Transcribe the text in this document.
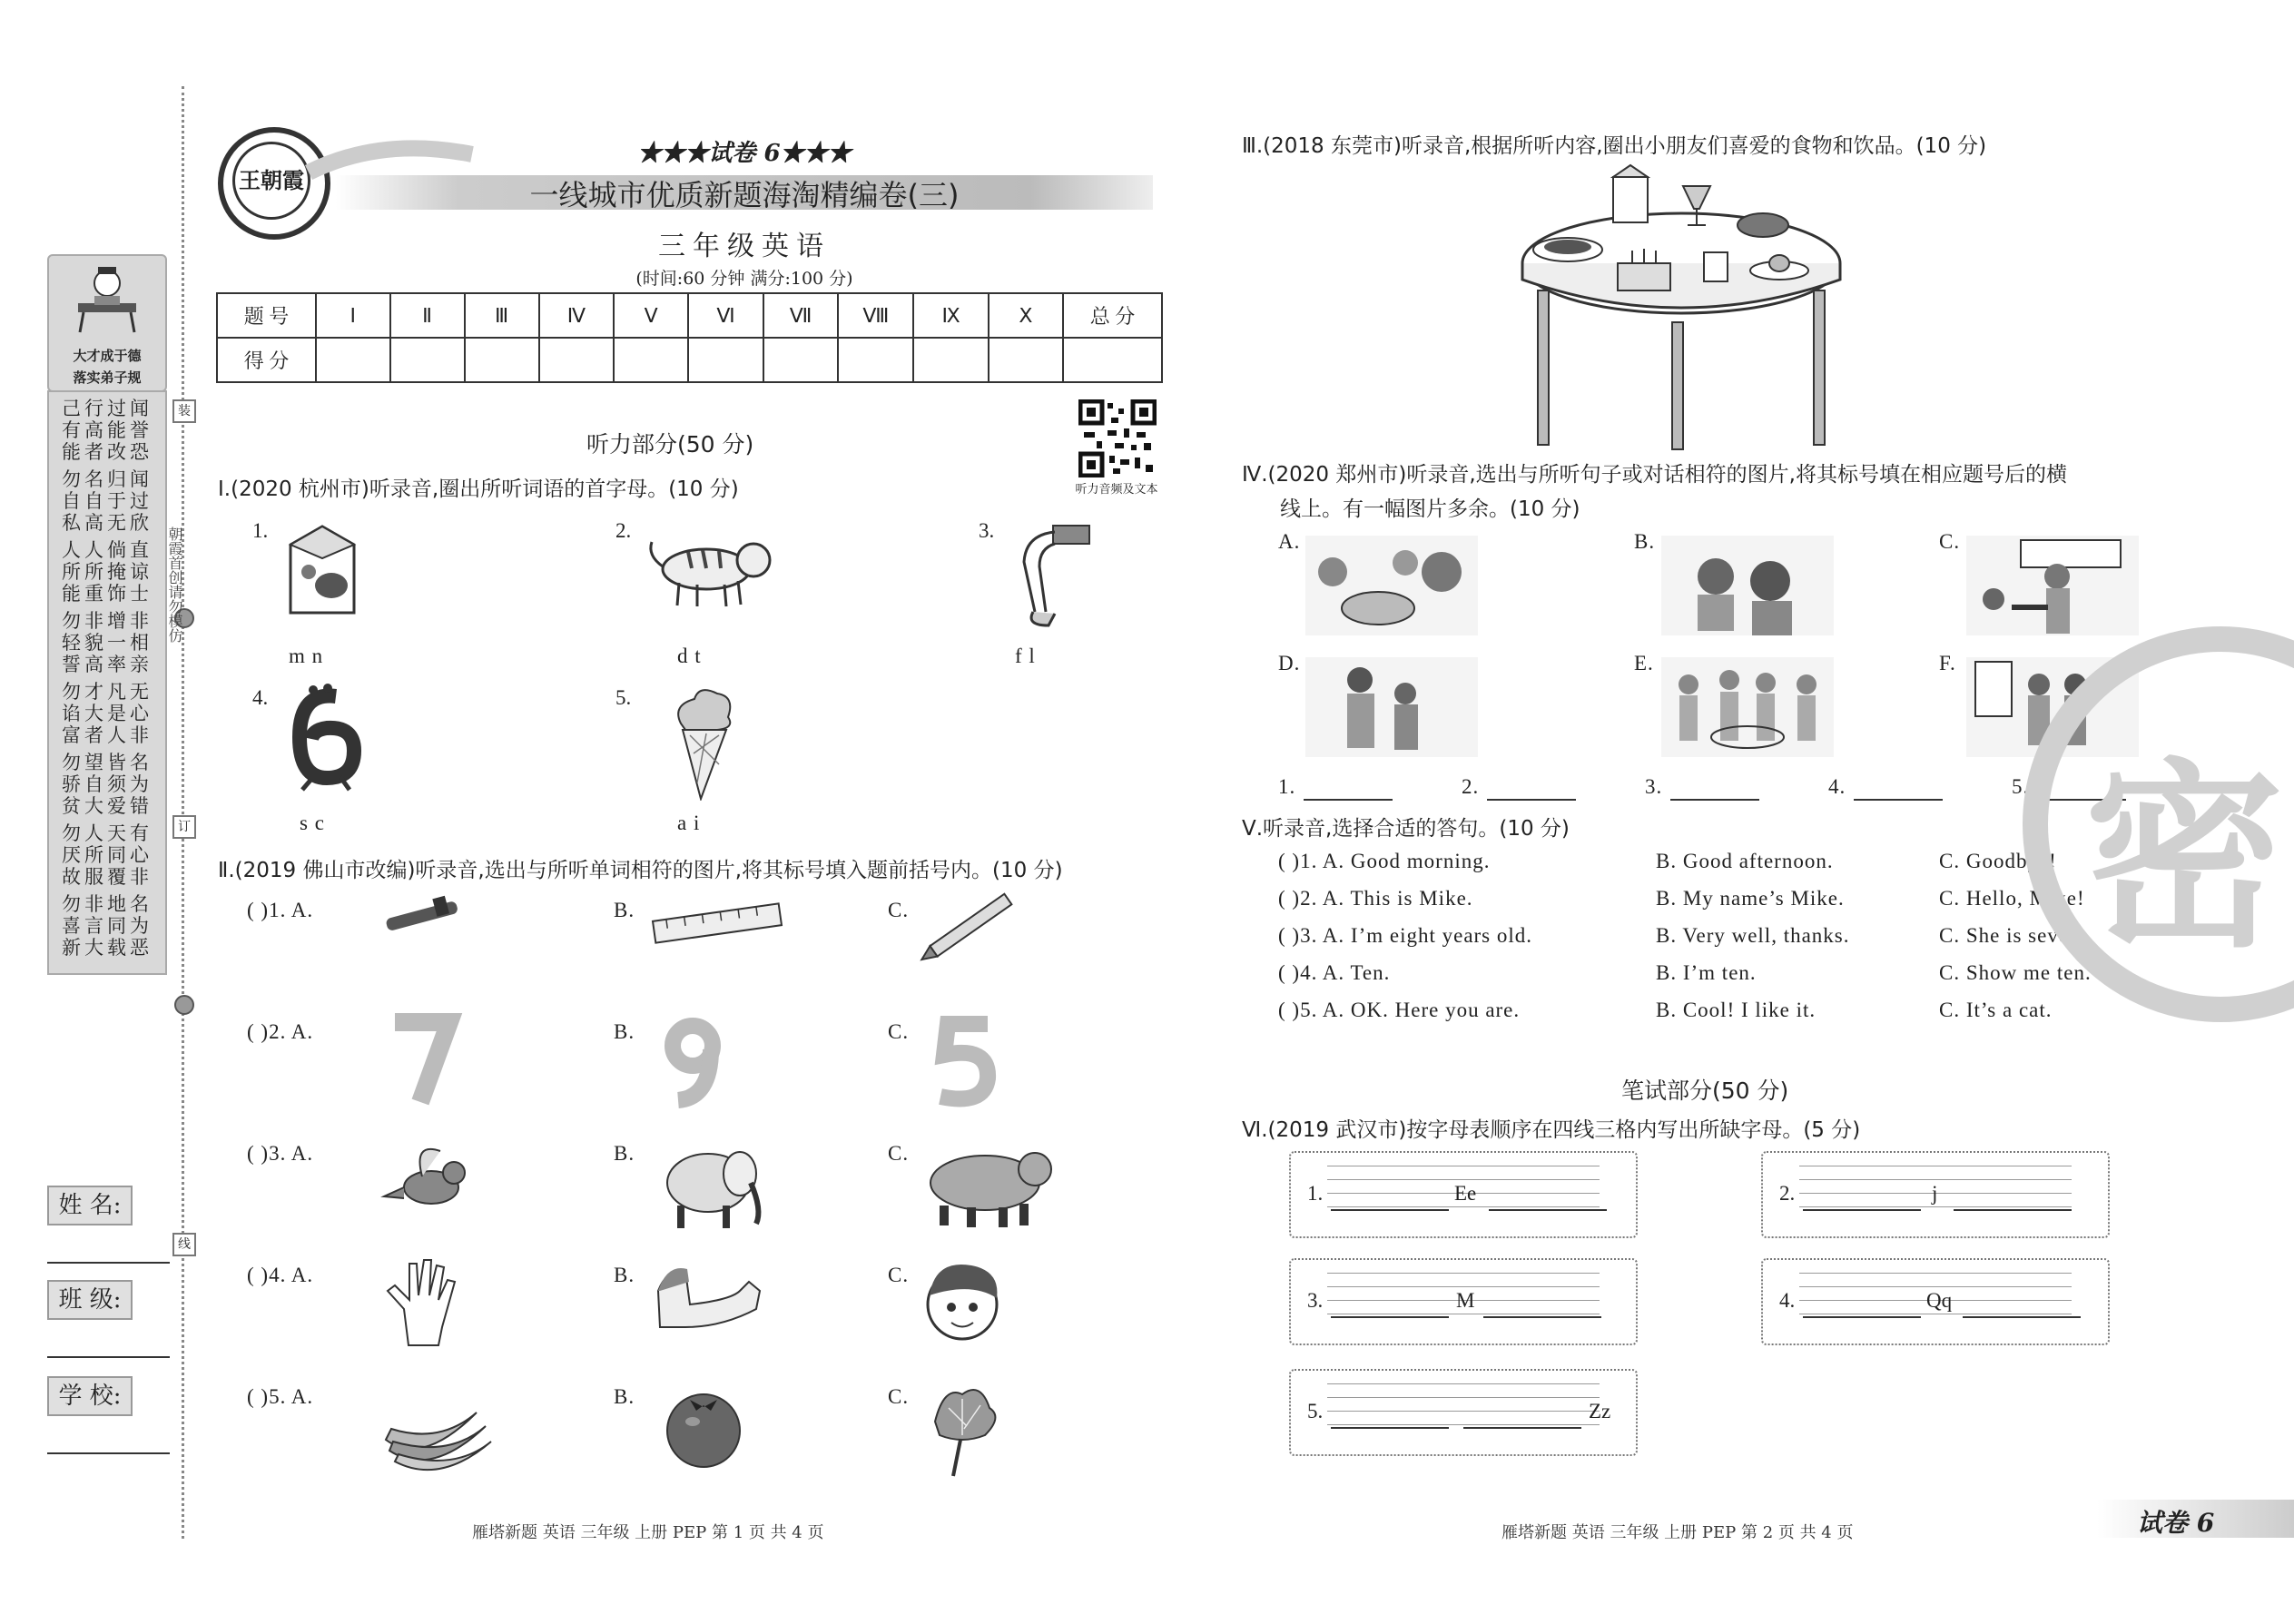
大才成于德
落实弟子规
己行过闻有高能誉能者改恐
勿名归闻自自于过私高无欣
人人倘直所所掩谅能重饰士
勿非增非轻貌一相誓高率亲
勿才凡无谄大是心富者人非
勿望皆名骄自须为贫大爱错
勿人天有厌所同心故服覆非
勿非地名喜言同为新大载恶
装
朝霞首创请勿模仿
订
线
姓 名:
班 级:
学 校:
王朝霞
★★★试卷 6★★★
一线城市优质新题海淘精编卷(三)
三年级英语
(时间:60 分钟 满分:100 分)
题 号	Ⅰ	Ⅱ	Ⅲ	Ⅳ	Ⅴ	Ⅵ	Ⅶ	Ⅷ	Ⅸ	Ⅹ	总 分
得 分											
听力音频及文本
听力部分(50 分)
Ⅰ.(2020 杭州市)听录音,圈出所听词语的首字母。(10 分)
1.
m n
2.
d t
3.
f l
4.
s c
5.
a i
Ⅱ.(2019 佛山市改编)听录音,选出与所听单词相符的图片,将其标号填入题前括号内。(10 分)
( )1. A.	B.	C.
( )2. A.	B.	C.
( )3. A.	B.	C.
( )4. A.	B.	C.
( )5. A.	B.	C.
Ⅲ.(2018 东莞市)听录音,根据所听内容,圈出小朋友们喜爱的食物和饮品。(10 分)
Ⅳ.(2020 郑州市)听录音,选出与所听句子或对话相符的图片,将其标号填在相应题号后的横
线上。有一幅图片多余。(10 分)
A.	B.	C.
D.	E.	F.
1.	2.	3.	4.	5.
Ⅴ.听录音,选择合适的答句。(10 分)
( )1. A. Good morning.	B. Good afternoon.	C. Goodbye!
( )2. A. This is Mike.	B. My name’s Mike.	C. Hello, Mike!
( )3. A. I’m eight years old.	B. Very well, thanks.	C. She is seven.
( )4. A. Ten.	B. I’m ten.	C. Show me ten.
( )5. A. OK. Here you are.	B. Cool! I like it.	C. It’s a cat.
笔试部分(50 分)
Ⅵ.(2019 武汉市)按字母表顺序在四线三格内写出所缺字母。(5 分)
1.	Ee	2.	j
3.	M	4.	Qq
5.	Zz
密
雁塔新题 英语 三年级 上册 PEP 第 1 页 共 4 页	雁塔新题 英语 三年级 上册 PEP 第 2 页 共 4 页	试卷 6
